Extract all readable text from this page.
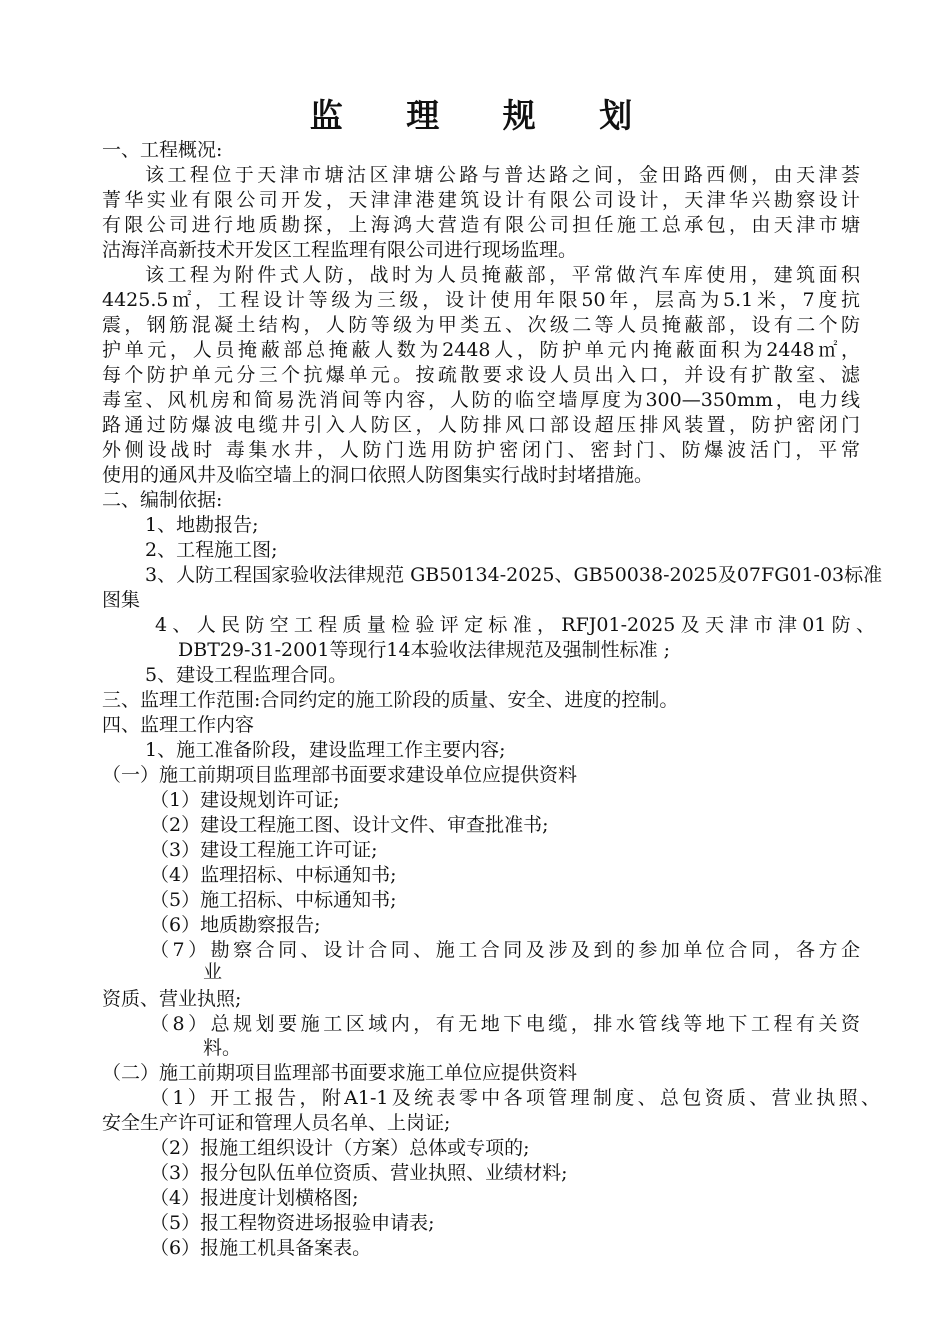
监 理 规 划
一、工程概况:
该工程位于天津市塘沽区津塘公路与普达路之间，金田路西侧，由天津荟
菁华实业有限公司开发，天津津港建筑设计有限公司设计，天津华兴勘察设计
有限公司进行地质勘探，上海鸿大营造有限公司担任施工总承包，由天津市塘
沽海洋高新技术开发区工程监理有限公司进行现场监理。
该工程为附件式人防，战时为人员掩蔽部，平常做汽车库使用，建筑面积
4425.5㎡，工程设计等级为三级，设计使用年限50年，层高为5.1米，7度抗
震，钢筋混凝土结构，人防等级为甲类五、次级二等人员掩蔽部，设有二个防
护单元，人员掩蔽部总掩蔽人数为2448人，防护单元内掩蔽面积为2448㎡，
每个防护单元分三个抗爆单元。按疏散要求设人员出入口，并设有扩散室、滤
毒室、风机房和简易洗消间等内容，人防的临空墙厚度为300—350mm，电力线
路通过防爆波电缆井引入人防区，人防排风口部设超压排风装置，防护密闭门
外侧设战时 毒集水井，人防门选用防护密闭门、密封门、防爆波活门，平常
使用的通风井及临空墙上的洞口依照人防图集实行战时封堵措施。
二、编制依据:
1、地勘报告;
2、工程施工图;
3、人防工程国家验收法律规范 GB50134-2025、GB50038-2025及07FG01-03标准
图集
4、人民防空工程质量检验评定标准，RFJ01-2025及天津市津01防、
DBT29-31-2001等现行14本验收法律规范及强制性标准 ;
5、建设工程监理合同。
三、监理工作范围:合同约定的施工阶段的质量、安全、进度的控制。
四、监理工作内容
1、施工准备阶段，建设监理工作主要内容;
（一）施工前期项目监理部书面要求建设单位应提供资料
（1）建设规划许可证;
（2）建设工程施工图、设计文件、审查批准书;
（3）建设工程施工许可证;
（4）监理招标、中标通知书;
（5）施工招标、中标通知书;
（6）地质勘察报告;
（7）勘察合同、设计合同、施工合同及涉及到的参加单位合同，各方企
业
资质、营业执照;
（8）总规划要施工区域内，有无地下电缆，排水管线等地下工程有关资
料。
（二）施工前期项目监理部书面要求施工单位应提供资料
（1）开工报告，附A1-1及统表零中各项管理制度、总包资质、营业执照、
安全生产许可证和管理人员名单、上岗证;
（2）报施工组织设计（方案）总体或专项的;
（3）报分包队伍单位资质、营业执照、业绩材料;
（4）报进度计划横格图;
（5）报工程物资进场报验申请表;
（6）报施工机具备案表。
